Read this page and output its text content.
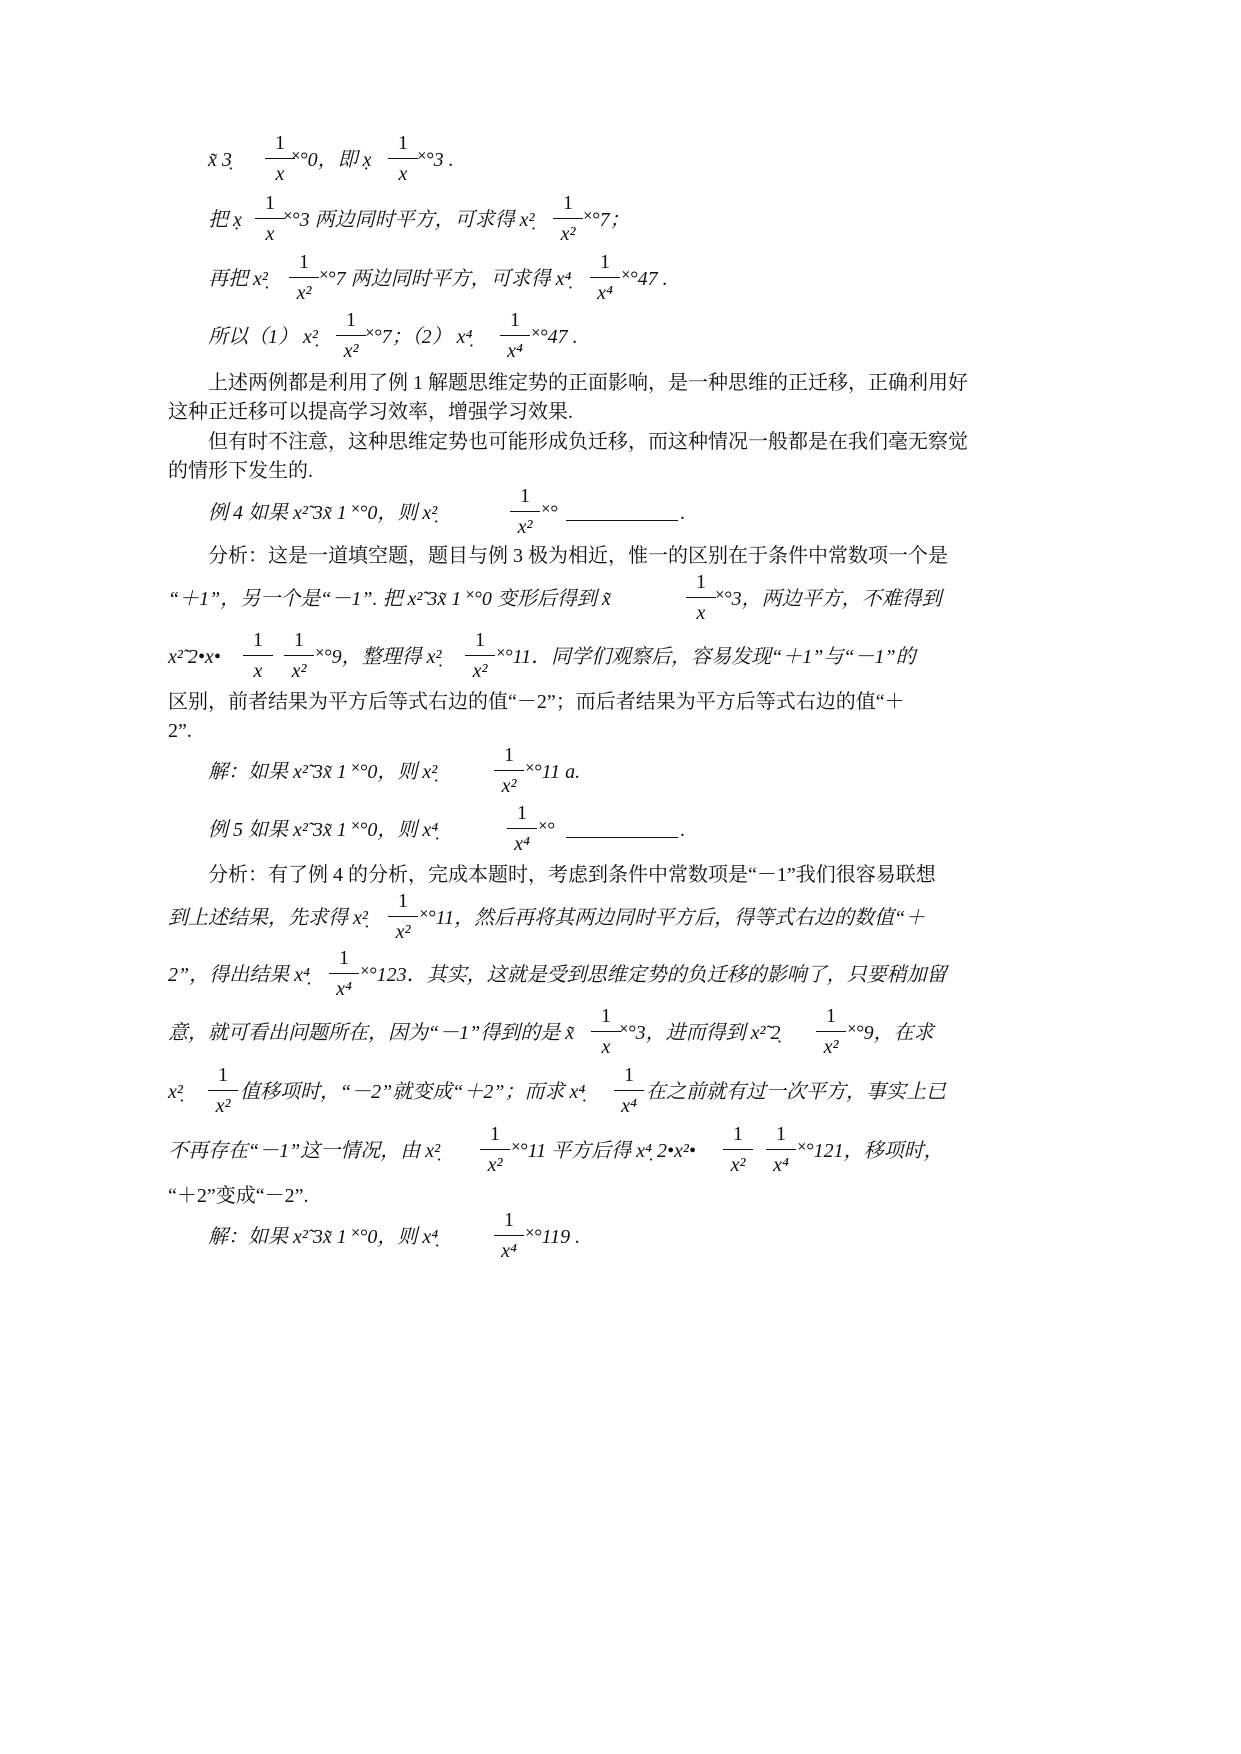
x̃ 3̣
1
x
˟°0，即 x̣
1
x
˟°3 .
把 x̣
1
x
˟°3 两边同时平方，可求得 x²̣
1
x²
˟°7；
再把 x²̣
1
x²
˟°7 两边同时平方，可求得 x⁴̣
1
x⁴
˟°47 .
所以（1） x²̣
1
x²
˟°7；（2） x⁴̣
1
x⁴
˟°47 .
上述两例都是利用了例 1 解题思维定势的正面影响，是一种思维的正迁移，正确利用好
这种正迁移可以提高学习效率，增强学习效果.
但有时不注意，这种思维定势也可能形成负迁移，而这种情况一般都是在我们毫无察觉
的情形下发生的.
例 4 如果 x²̃ 3x̃ 1 ˟°0，则 x²̣
1
x²
˟°	.
分析：这是一道填空题，题目与例 3 极为相近，惟一的区别在于条件中常数项一个是
“＋1”，另一个是“－1”. 把 x²̃ 3x̃ 1 ˟°0 变形后得到 x̃
1
x
˟°3，两边平方，不难得到
x²̃ 2•x•
1
x
1
x²
˟°9，整理得 x²̣
1
x²
˟°11．同学们观察后，容易发现“＋1”与“－1”的
区别，前者结果为平方后等式右边的值“－2”；而后者结果为平方后等式右边的值“＋
2”.
解：如果 x²̃ 3x̃ 1 ˟°0，则 x²̣
1
x²
˟°11 a.
例 5 如果 x²̃ 3x̃ 1 ˟°0，则 x⁴̣
1
x⁴
˟°	.
分析：有了例 4 的分析，完成本题时，考虑到条件中常数项是“－1”我们很容易联想
到上述结果，先求得 x²̣
1
x²
˟°11，然后再将其两边同时平方后，得等式右边的数值“＋
2”，得出结果 x⁴̣
1
x⁴
˟°123．其实，这就是受到思维定势的负迁移的影响了，只要稍加留
意，就可看出问题所在，因为“－1”得到的是 x̃
1
x
˟°3，进而得到 x²̃ 2̣
1
x²
˟°9，在求
x²̣
1
x²
值移项时，“－2”就变成“＋2”；而求 x⁴̣
1
x⁴
在之前就有过一次平方，事实上已
不再存在“－1”这一情况，由 x²̣
1
x²
˟°11 平方后得 x⁴̣ 2•x²•
1
x²
1
x⁴
˟°121，移项时，
“＋2”变成“－2”.
解：如果 x²̃ 3x̃ 1 ˟°0，则 x⁴̣
1
x⁴
˟°119 .
